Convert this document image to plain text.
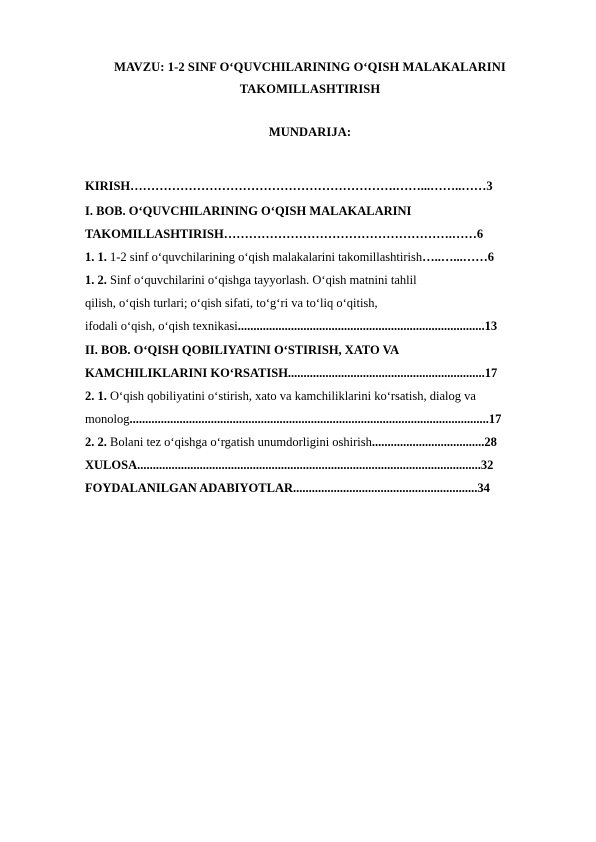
MAVZU: 1-2 SINF O‘QUVCHILARINING O‘QISH MALAKALARINI
TAKOMILLASHTIRISH
MUNDARIJA:
KIRISH……………………………………………………….……...……..……3
I. BOB. O‘QUVCHILARINING O‘QISH MALAKALARINI
TAKOMILLASHTIRISH……………………………………………….……6
1. 1. 1-2 sinf o‘quvchilarining o‘qish malakalarini takomillashtirish…..…...……6
1. 2. Sinf o‘quvchilarini o‘qishga tayyorlash. O‘qish matnini tahlil
qilish, o‘qish turlari; o‘qish sifati, to‘g‘ri va to‘liq o‘qitish,
ifodali o‘qish, o‘qish texnikasi...............................................................................13
II. BOB. O‘QISH QOBILIYATINI O‘STIRISH, XATO VA
KAMCHILIKLARINI KO‘RSATISH...............................................................17
2. 1. O‘qish qobiliyatini o‘stirish, xato va kamchiliklarini ko‘rsatish, dialog va
monolog...................................................................................................................17
2. 2. Bolani tez o‘qishga o‘rgatish unumdorligini oshirish....................................28
XULOSA..............................................................................................................32
FOYDALANILGAN ADABIYOTLAR...........................................................34
